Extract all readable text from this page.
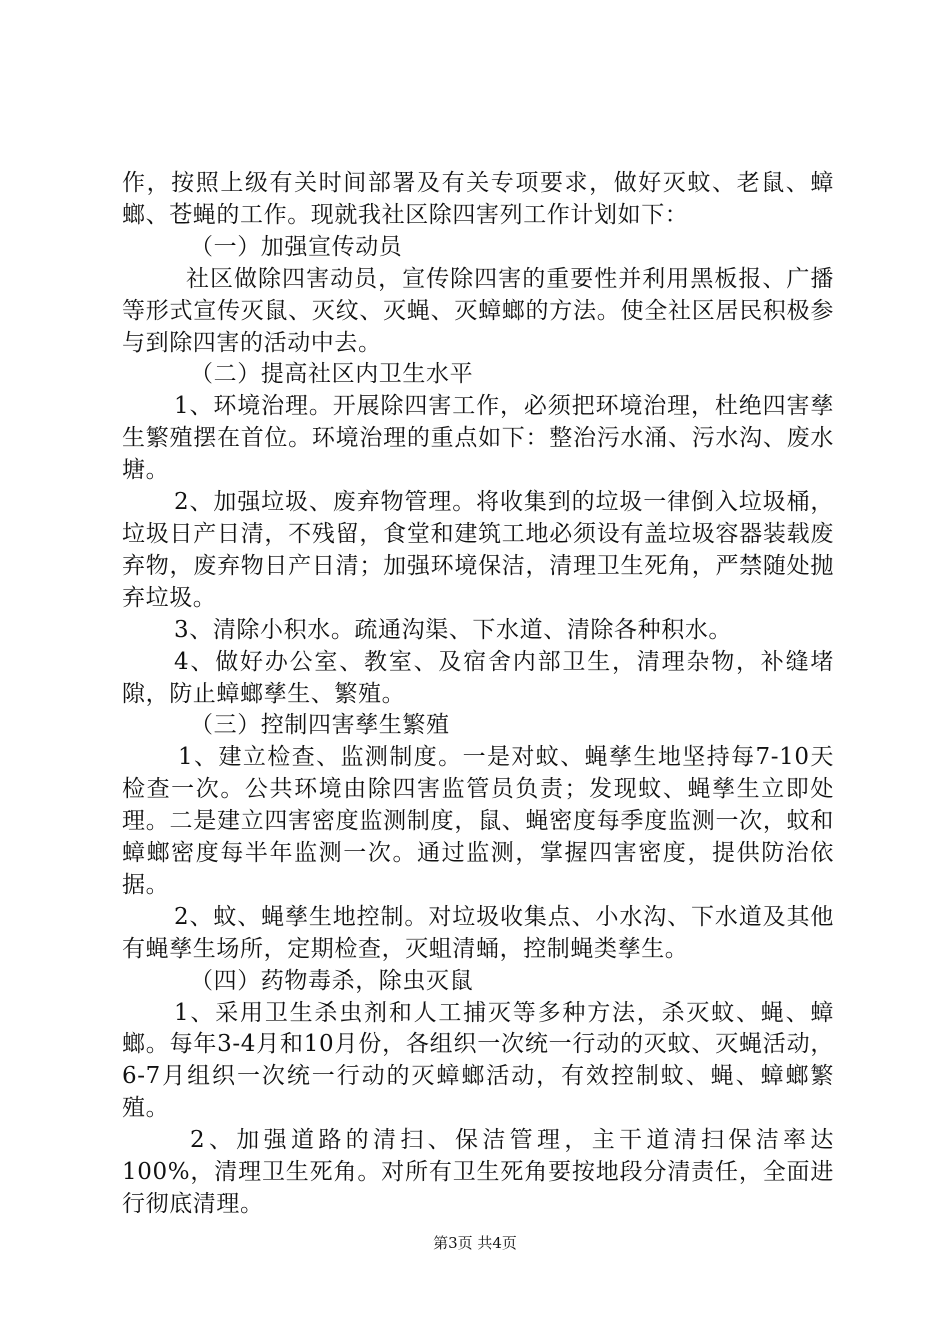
作，按照上级有关时间部署及有关专项要求，做好灭蚊、老鼠、蟑螂、苍蝇的工作。现就我社区除四害列工作计划如下：

（一）加强宣传动员

社区做除四害动员，宣传除四害的重要性并利用黑板报、广播等形式宣传灭鼠、灭纹、灭蝇、灭蟑螂的方法。使全社区居民积极参与到除四害的活动中去。

（二）提高社区内卫生水平

1、环境治理。开展除四害工作，必须把环境治理，杜绝四害孳生繁殖摆在首位。环境治理的重点如下：整治污水涌、污水沟、废水塘。

2、加强垃圾、废弃物管理。将收集到的垃圾一律倒入垃圾桶，垃圾日产日清，不残留，食堂和建筑工地必须设有盖垃圾容器装载废弃物，废弃物日产日清；加强环境保洁，清理卫生死角，严禁随处抛弃垃圾。

3、清除小积水。疏通沟渠、下水道、清除各种积水。

4、做好办公室、教室、及宿舍内部卫生，清理杂物，补缝堵隙，防止蟑螂孳生、繁殖。

（三）控制四害孳生繁殖

1、建立检查、监测制度。一是对蚊、蝇孳生地坚持每7-10天检查一次。公共环境由除四害监管员负责；发现蚊、蝇孳生立即处理。二是建立四害密度监测制度，鼠、蝇密度每季度监测一次，蚊和蟑螂密度每半年监测一次。通过监测，掌握四害密度，提供防治依据。

2、蚊、蝇孳生地控制。对垃圾收集点、小水沟、下水道及其他有蝇孳生场所，定期检查，灭蛆清蛹，控制蝇类孳生。

（四）药物毒杀，除虫灭鼠

1、采用卫生杀虫剂和人工捕灭等多种方法，杀灭蚊、蝇、蟑螂。每年3-4月和10月份，各组织一次统一行动的灭蚊、灭蝇活动，6-7月组织一次统一行动的灭蟑螂活动，有效控制蚊、蝇、蟑螂繁殖。

2、加强道路的清扫、保洁管理，主干道清扫保洁率达100%，清理卫生死角。对所有卫生死角要按地段分清责任，全面进行彻底清理。

第3页 共4页
